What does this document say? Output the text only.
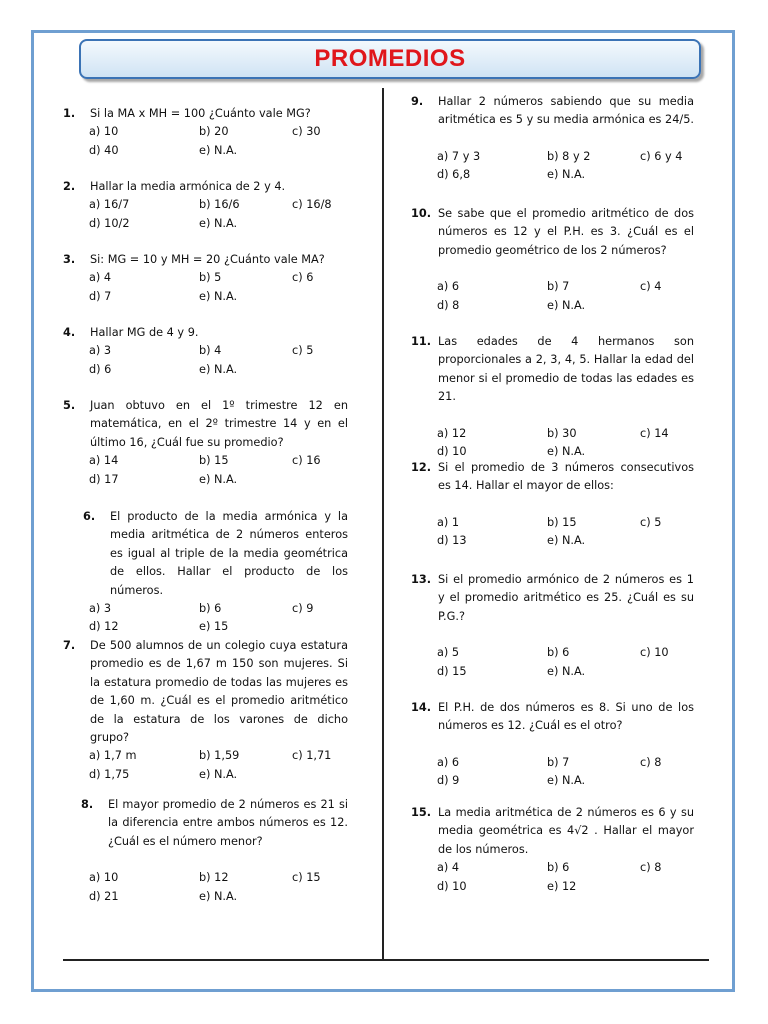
PROMEDIOS
1.	Si la MA x MH = 100 ¿Cuánto vale MG?
a) 10	b) 20	c) 30
d) 40	e) N.A.
2.	Hallar la media armónica de 2 y 4.
a) 16/7	b) 16/6	c) 16/8
d) 10/2	e) N.A.
3.	Si: MG = 10 y MH = 20 ¿Cuánto vale MA?
a) 4	b) 5	c) 6
d) 7	e) N.A.
4.	Hallar MG de 4 y 9.
a) 3	b) 4	c) 5
d) 6	e) N.A.
5.	Juan obtuvo en el 1º trimestre 12 en matemática, en el 2º trimestre 14 y en el último 16, ¿Cuál fue su promedio?
a) 14	b) 15	c) 16
d) 17	e) N.A.
6.	El producto de la media armónica y la media aritmética de 2 números enteros es igual al triple de la media geométrica de ellos. Hallar el producto de los números.
a) 3	b) 6	c) 9
d) 12	e) 15
7.	De 500 alumnos de un colegio cuya estatura promedio es de 1,67 m 150 son mujeres. Si la estatura promedio de todas las mujeres es de 1,60 m. ¿Cuál es el promedio aritmético de la estatura de los varones de dicho grupo?
a) 1,7 m	b) 1,59	c) 1,71
d) 1,75	e) N.A.
8.	El mayor promedio de 2 números es 21 si la diferencia entre ambos números es 12. ¿Cuál es el número menor?
a) 10	b) 12	c) 15
d) 21	e) N.A.
9.	Hallar 2 números sabiendo que su media aritmética es 5 y su media armónica es 24/5.
a) 7 y 3	b) 8 y 2	c) 6 y 4
d) 6,8	e) N.A.
10. Se sabe que el promedio aritmético de dos números es 12 y el P.H. es 3. ¿Cuál es el promedio geométrico de los 2 números?
a) 6	b) 7	c) 4
d) 8	e) N.A.
11. Las edades de 4 hermanos son proporcionales a 2, 3, 4, 5. Hallar la edad del menor si el promedio de todas las edades es 21.
a) 12	b) 30	c) 14
d) 10	e) N.A.
12. Si el promedio de 3 números consecutivos es 14. Hallar el mayor de ellos:
a) 1	b) 15	c) 5
d) 13	e) N.A.
13. Si el promedio armónico de 2 números es 1 y el promedio aritmético es 25. ¿Cuál es su P.G.?
a) 5	b) 6	c) 10
d) 15	e) N.A.
14. El P.H. de dos números es 8. Si uno de los números es 12. ¿Cuál es el otro?
a) 6	b) 7	c) 8
d) 9	e) N.A.
15. La media aritmética de 2 números es 6 y su media geométrica es 4√2 . Hallar el mayor de los números.
a) 4	b) 6	c) 8
d) 10	e) 12
